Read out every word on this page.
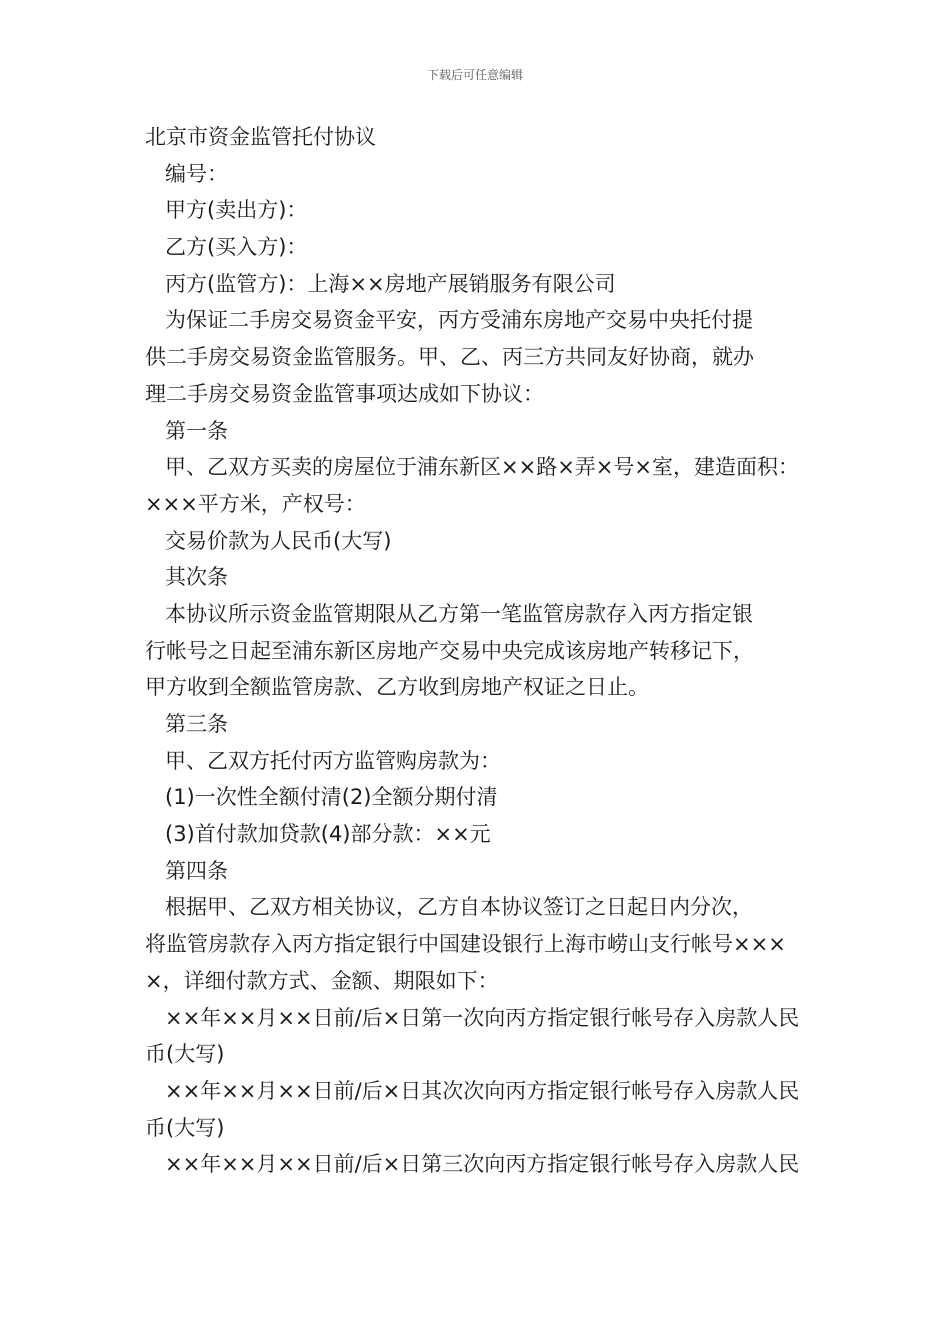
下载后可任意编辑
北京市资金监管托付协议
编号：
甲方(卖出方)：
乙方(买入方)：
丙方(监管方)：上海××房地产展销服务有限公司
为保证二手房交易资金平安，丙方受浦东房地产交易中央托付提
供二手房交易资金监管服务。甲、乙、丙三方共同友好协商，就办
理二手房交易资金监管事项达成如下协议：
第一条
甲、乙双方买卖的房屋位于浦东新区××路×弄×号×室，建造面积：
×××平方米，产权号：
交易价款为人民币(大写)
其次条
本协议所示资金监管期限从乙方第一笔监管房款存入丙方指定银
行帐号之日起至浦东新区房地产交易中央完成该房地产转移记下，
甲方收到全额监管房款、乙方收到房地产权证之日止。
第三条
甲、乙双方托付丙方监管购房款为：
(1)一次性全额付清(2)全额分期付清
(3)首付款加贷款(4)部分款：××元
第四条
根据甲、乙双方相关协议，乙方自本协议签订之日起日内分次，
将监管房款存入丙方指定银行中国建设银行上海市崂山支行帐号×××
×，详细付款方式、金额、期限如下：
××年××月××日前/后×日第一次向丙方指定银行帐号存入房款人民
币(大写)
××年××月××日前/后×日其次次向丙方指定银行帐号存入房款人民
币(大写)
××年××月××日前/后×日第三次向丙方指定银行帐号存入房款人民
